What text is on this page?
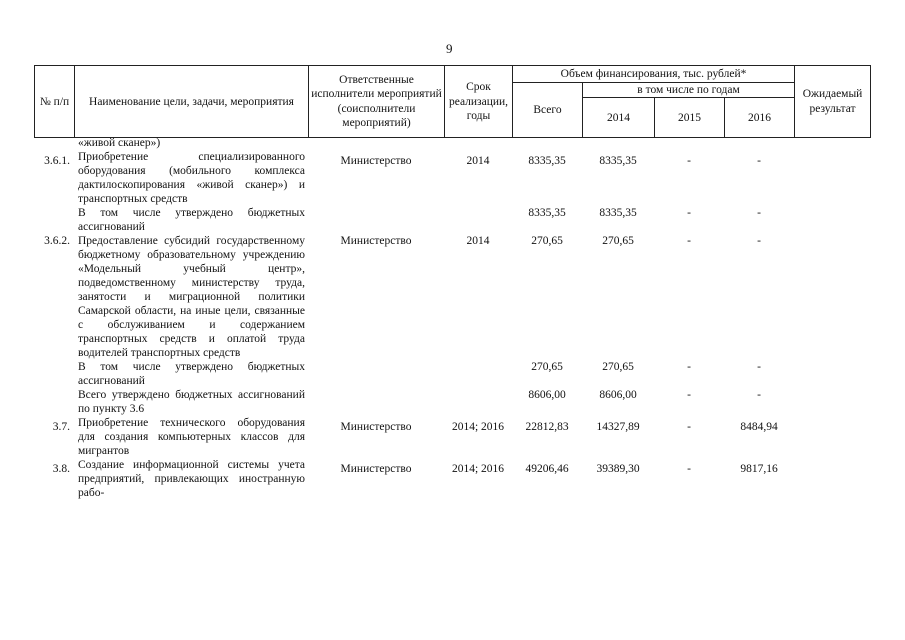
9
№ п/п	Наименование цели, задачи, мероприятия	Ответственные исполнители мероприятий (соисполнители мероприятий)	Срок реализации, годы	Объем финансирования, тыс. рублей*				Ожидаемый результат
				Всего	в том числе по годам			
					2014	2015	2016	
	«живой сканер»)							
3.6.1.	Приобретение специализированного оборудования (мобильного комплекса дактилоскопирования «живой сканер») и транспортных средств	Министерство	2014	8335,35	8335,35	-	-	
	В том числе утверждено бюджетных ассигнований			8335,35	8335,35	-	-	
3.6.2.	Предоставление субсидий государственному бюджетному образовательному учреждению «Модельный учебный центр», подведомственному министерству труда, занятости и миграционной политики Самарской области, на иные цели, связанные с обслуживанием и содержанием транспортных средств и оплатой труда водителей транспортных средств	Министерство	2014	270,65	270,65	-	-	
	В том числе утверждено бюджетных ассигнований			270,65	270,65	-	-	
	Всего утверждено бюджетных ассигнований по пункту 3.6			8606,00	8606,00	-	-	
3.7.	Приобретение технического оборудования для создания компьютерных классов для мигрантов	Министерство	2014; 2016	22812,83	14327,89	-	8484,94	
3.8.	Создание информационной системы учета предприятий, привлекающих иностранную рабо-	Министерство	2014; 2016	49206,46	39389,30	-	9817,16	
